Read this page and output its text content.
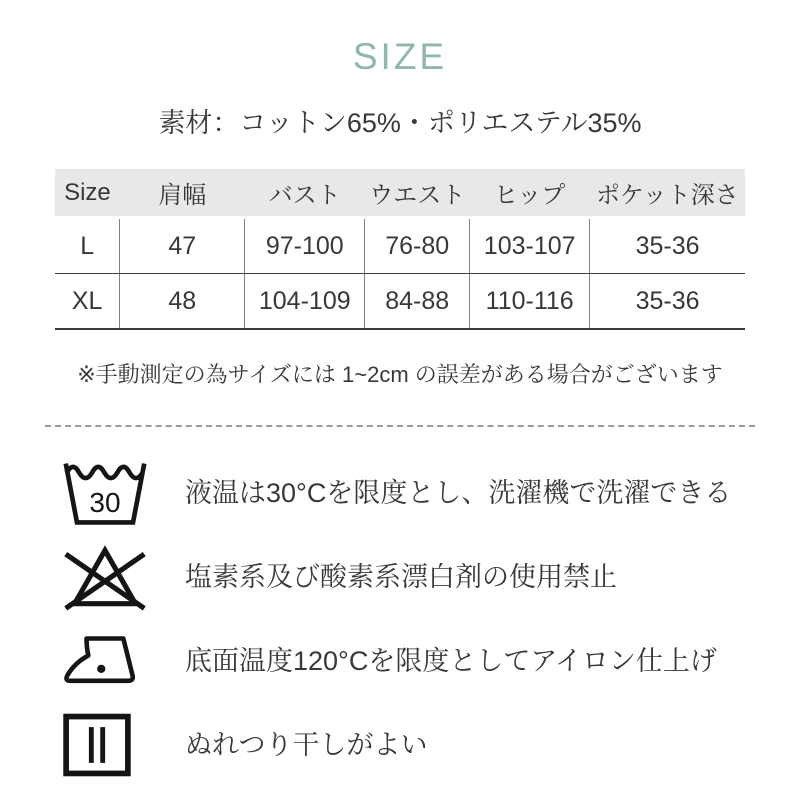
SIZE
素材：コットン65%・ポリエステル35%
Size	肩幅	バスト	ウエスト	ヒップ	ポケット深さ
L	47	97-100	76-80	103-107	35-36
XL	48	104-109	84-88	110-116	35-36
※手動測定の為サイズには 1~2cm の誤差がある場合がございます
30 液温は30°Cを限度とし、洗濯機で洗濯できる
塩素系及び酸素系漂白剤の使用禁止
底面温度120°Cを限度としてアイロン仕上げ
ぬれつり干しがよい
